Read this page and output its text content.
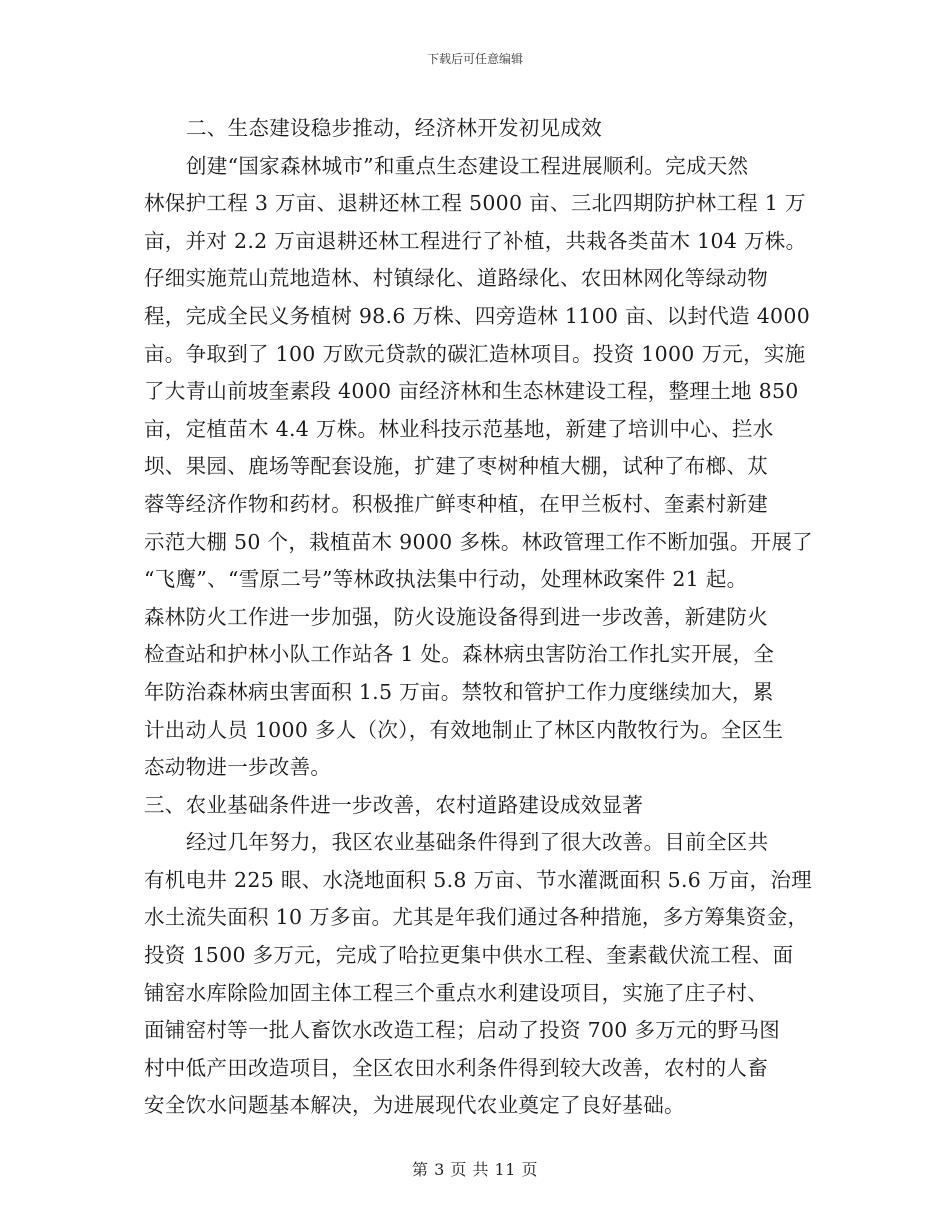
下载后可任意编辑
二、生态建设稳步推动，经济林开发初见成效
创建“国家森林城市”和重点生态建设工程进展顺利。完成天然
林保护工程 3 万亩、退耕还林工程 5000 亩、三北四期防护林工程 1 万
亩，并对 2.2 万亩退耕还林工程进行了补植，共栽各类苗木 104 万株。
仔细实施荒山荒地造林、村镇绿化、道路绿化、农田林网化等绿动物
程，完成全民义务植树 98.6 万株、四旁造林 1100 亩、以封代造 4000
亩。争取到了 100 万欧元贷款的碳汇造林项目。投资 1000 万元，实施
了大青山前坡奎素段 4000 亩经济林和生态林建设工程，整理土地 850
亩，定植苗木 4.4 万株。林业科技示范基地，新建了培训中心、拦水
坝、果园、鹿场等配套设施，扩建了枣树种植大棚，试种了布榔、苁
蓉等经济作物和药材。积极推广鲜枣种植，在甲兰板村、奎素村新建
示范大棚 50 个，栽植苗木 9000 多株。林政管理工作不断加强。开展了
“飞鹰”、“雪原二号”等林政执法集中行动，处理林政案件 21 起。
森林防火工作进一步加强，防火设施设备得到进一步改善，新建防火
检查站和护林小队工作站各 1 处。森林病虫害防治工作扎实开展，全
年防治森林病虫害面积 1.5 万亩。禁牧和管护工作力度继续加大，累
计出动人员 1000 多人（次），有效地制止了林区内散牧行为。全区生
态动物进一步改善。
三、农业基础条件进一步改善，农村道路建设成效显著
经过几年努力，我区农业基础条件得到了很大改善。目前全区共
有机电井 225 眼、水浇地面积 5.8 万亩、节水灌溉面积 5.6 万亩，治理
水土流失面积 10 万多亩。尤其是年我们通过各种措施，多方筹集资金，
投资 1500 多万元，完成了哈拉更集中供水工程、奎素截伏流工程、面
铺窑水库除险加固主体工程三个重点水利建设项目，实施了庄子村、
面铺窑村等一批人畜饮水改造工程；启动了投资 700 多万元的野马图
村中低产田改造项目，全区农田水利条件得到较大改善，农村的人畜
安全饮水问题基本解决，为进展现代农业奠定了良好基础。
第 3 页 共 11 页
